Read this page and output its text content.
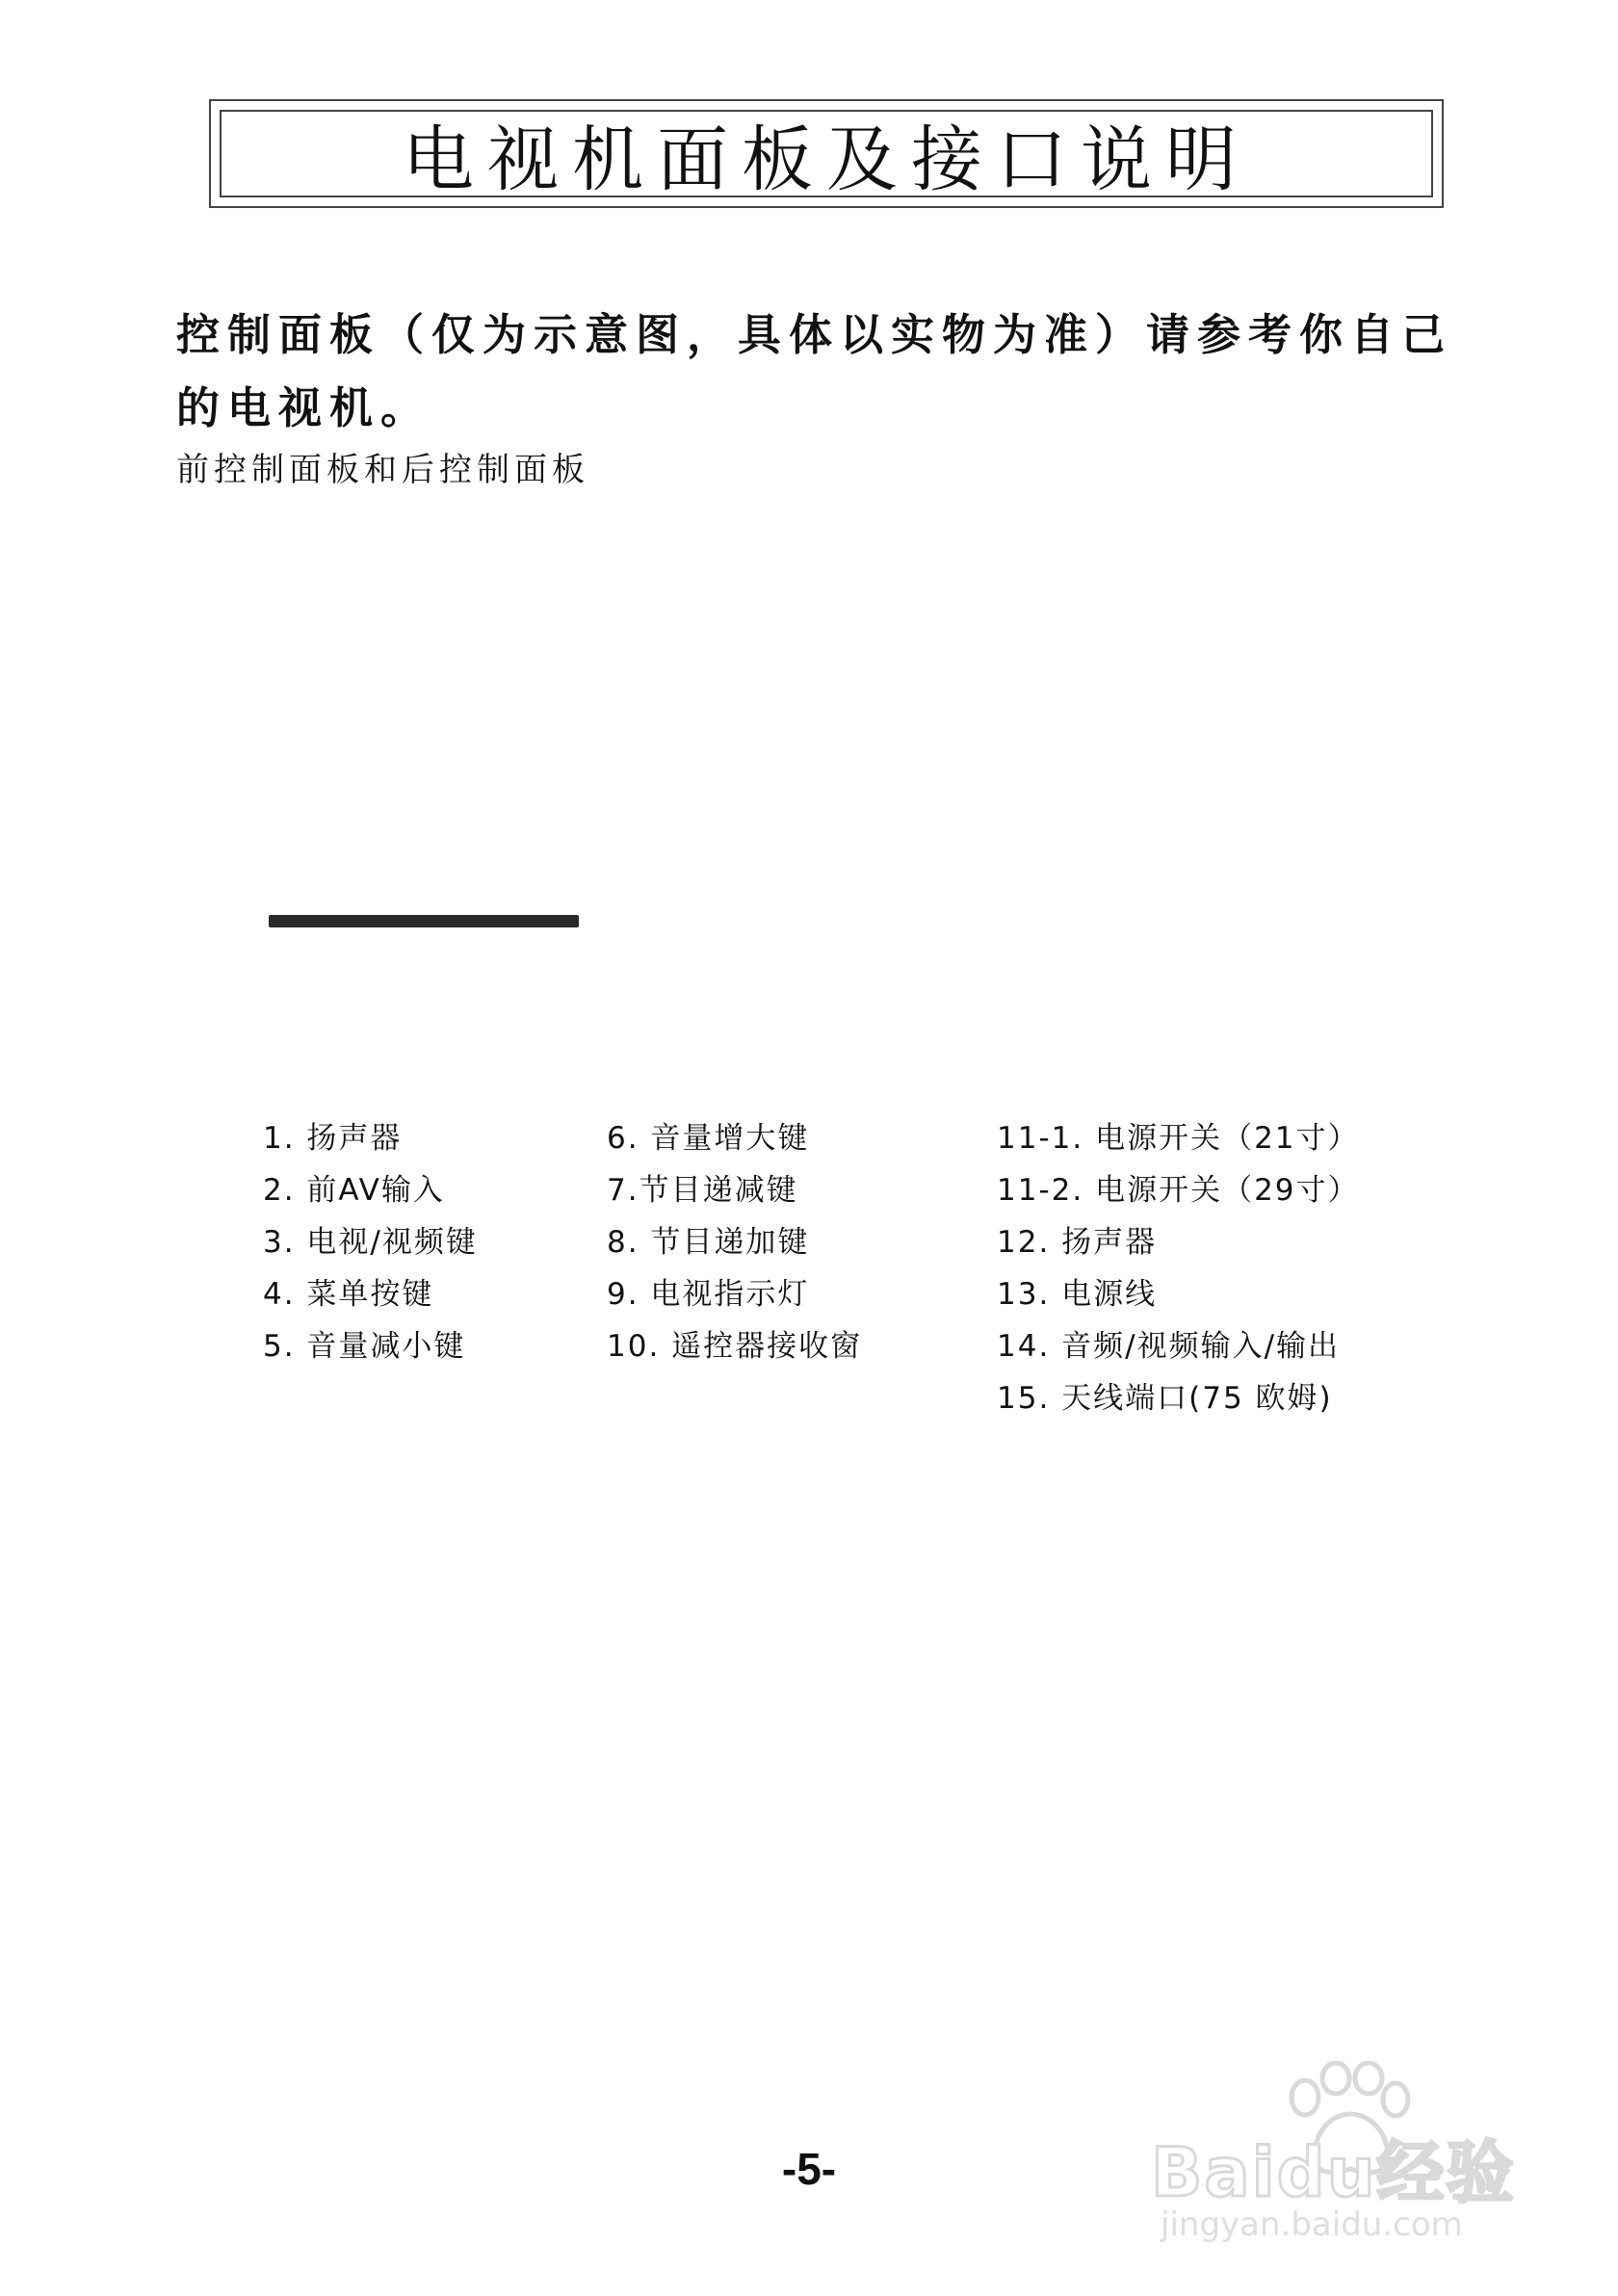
电视机面板及接口说明

控制面板（仅为示意图，具体以实物为准）请参考你自己的电视机。

前控制面板和后控制面板

1. 扬声器
2. 前AV输入
3. 电视/视频键
4. 菜单按键
5. 音量减小键
6. 音量增大键
7.节目递减键
8. 节目递加键
9. 电视指示灯
10. 遥控器接收窗
11-1. 电源开关（21寸）
11-2. 电源开关（29寸）
12. 扬声器
13. 电源线
14. 音频/视频输入/输出
15. 天线端口(75 欧姆)
-5-	Baidu经验
jingyan.baidu.com
